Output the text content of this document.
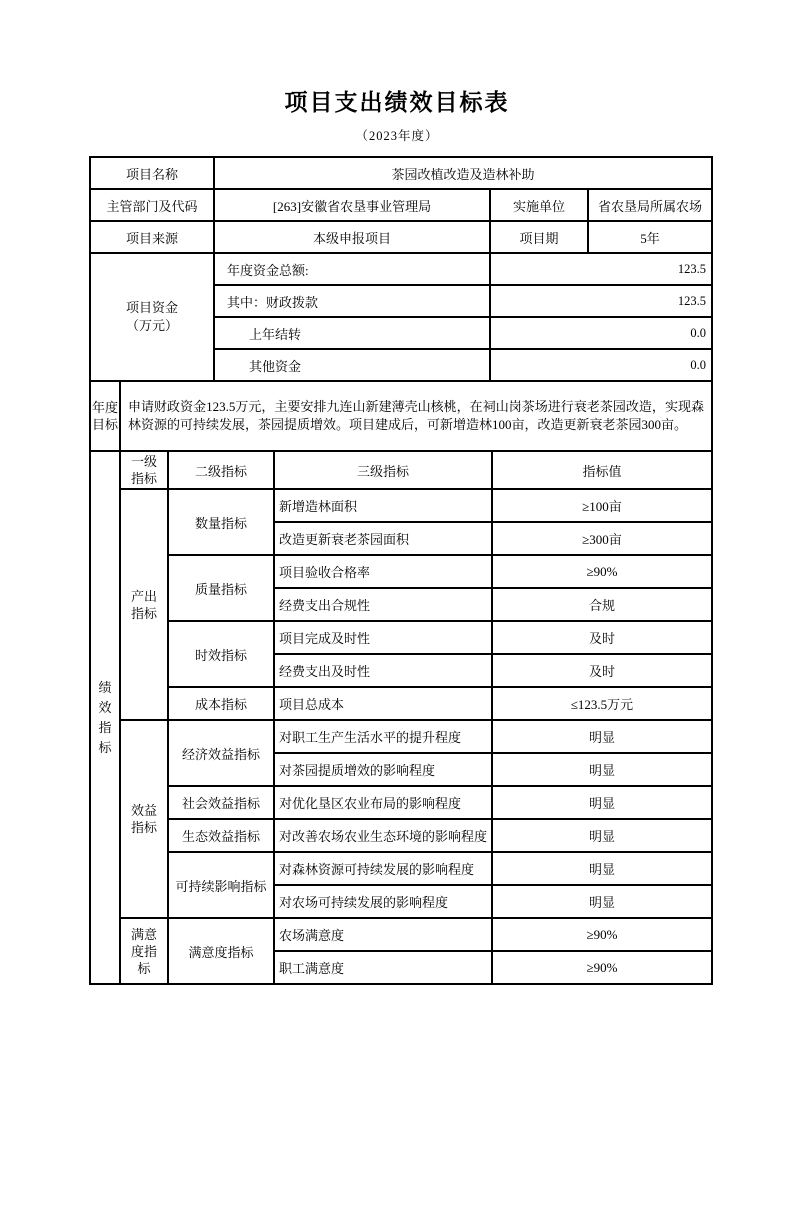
项目支出绩效目标表
（2023年度）
项目名称	茶园改植改造及造林补助		
主管部门及代码	[263]安徽省农垦事业管理局	实施单位	省农垦局所属农场
项目来源	本级申报项目	项目期	5年
项目资金（万元）	年度资金总额:	123.5	
	其中：财政拨款	123.5	
	上年结转	0.0	
	其他资金	0.0	
年度目标	申请财政资金123.5万元，主要安排九连山新建薄壳山核桃，在祠山岗茶场进行衰老茶园改造，实现森林资源的可持续发展，茶园提质增效。项目建成后，可新增造林100亩，改造更新衰老茶园300亩。
绩效指标	一级指标	二级指标	三级指标	指标值
	产出指标	数量指标	新增造林面积	≥100亩
			改造更新衰老茶园面积	≥300亩
		质量指标	项目验收合格率	≥90%
			经费支出合规性	合规
		时效指标	项目完成及时性	及时
			经费支出及时性	及时
		成本指标	项目总成本	≤123.5万元
	效益指标	经济效益指标	对职工生产生活水平的提升程度	明显
			对茶园提质增效的影响程度	明显
		社会效益指标	对优化垦区农业布局的影响程度	明显
		生态效益指标	对改善农场农业生态环境的影响程度	明显
		可持续影响指标	对森林资源可持续发展的影响程度	明显
			对农场可持续发展的影响程度	明显
	满意度指标	满意度指标	农场满意度	≥90%
			职工满意度	≥90%
